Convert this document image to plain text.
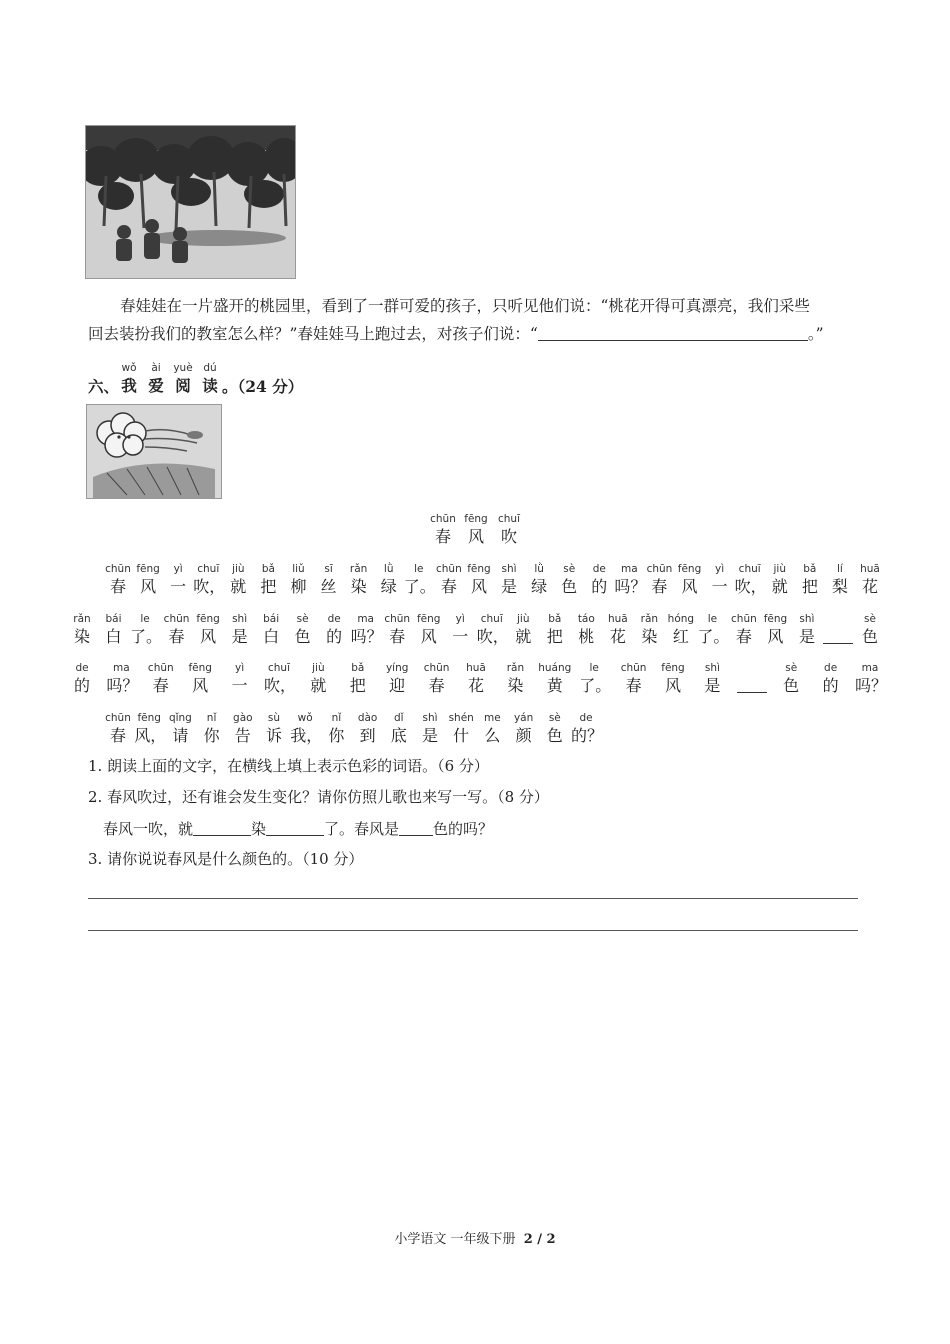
春娃娃在一片盛开的桃园里，看到了一群可爱的孩子，只听见他们说：“桃花开得可真漂亮，我们采些
回去装扮我们的教室怎么样？”春娃娃马上跑过去，对孩子们说：“	。”
六、
wǒ
我
ài
爱
yuè
阅
dú
读 。（24 分）
chūn
春
fēng
风
chuī
吹
chūn
春
fēng
风
yì
一
chuī
吹，
jiù
就
bǎ
把
liǔ
柳
sī
丝
rǎn
染
lǜ
绿
le
了。
chūn
春
fēng
风
shì
是
lǜ
绿
sè
色
de
的
ma
吗？
chūn
春
fēng
风
yì
一
chuī
吹，
jiù
就
bǎ
把
lí
梨
huā
花
rǎn
染
bái
白
le
了。
chūn
春
fēng
风
shì
是
bái
白
sè
色
de
的
ma
吗？
chūn
春
fēng
风
yì
一
chuī
吹，
jiù
就
bǎ
把
táo
桃
huā
花
rǎn
染
hóng
红
le
了。
chūn
春
fēng
风
shì
是
sè
色
de
的
ma
吗？
chūn
春
fēng
风
yì
一
chuī
吹，
jiù
就
bǎ
把
yíng
迎
chūn
春
huā
花
rǎn
染
huáng
黄
le
了。
chūn
春
fēng
风
shì
是
sè
色
de
的
ma
吗？
chūn
春
fēng
风，
qǐng
请
nǐ
你
gào
告
sù
诉
wǒ
我，
nǐ
你
dào
到
dǐ
底
shì
是
shén
什
me
么
yán
颜
sè
色
de
的？
1. 朗读上面的文字，在横线上填上表示色彩的词语。（6 分）
2. 春风吹过，还有谁会发生变化？请你仿照儿歌也来写一写。（8 分）
春风一吹，就	染	了。春风是 色的吗？
3. 请你说说春风是什么颜色的。（10 分）
小学语文 一年级下册 2 / 2
